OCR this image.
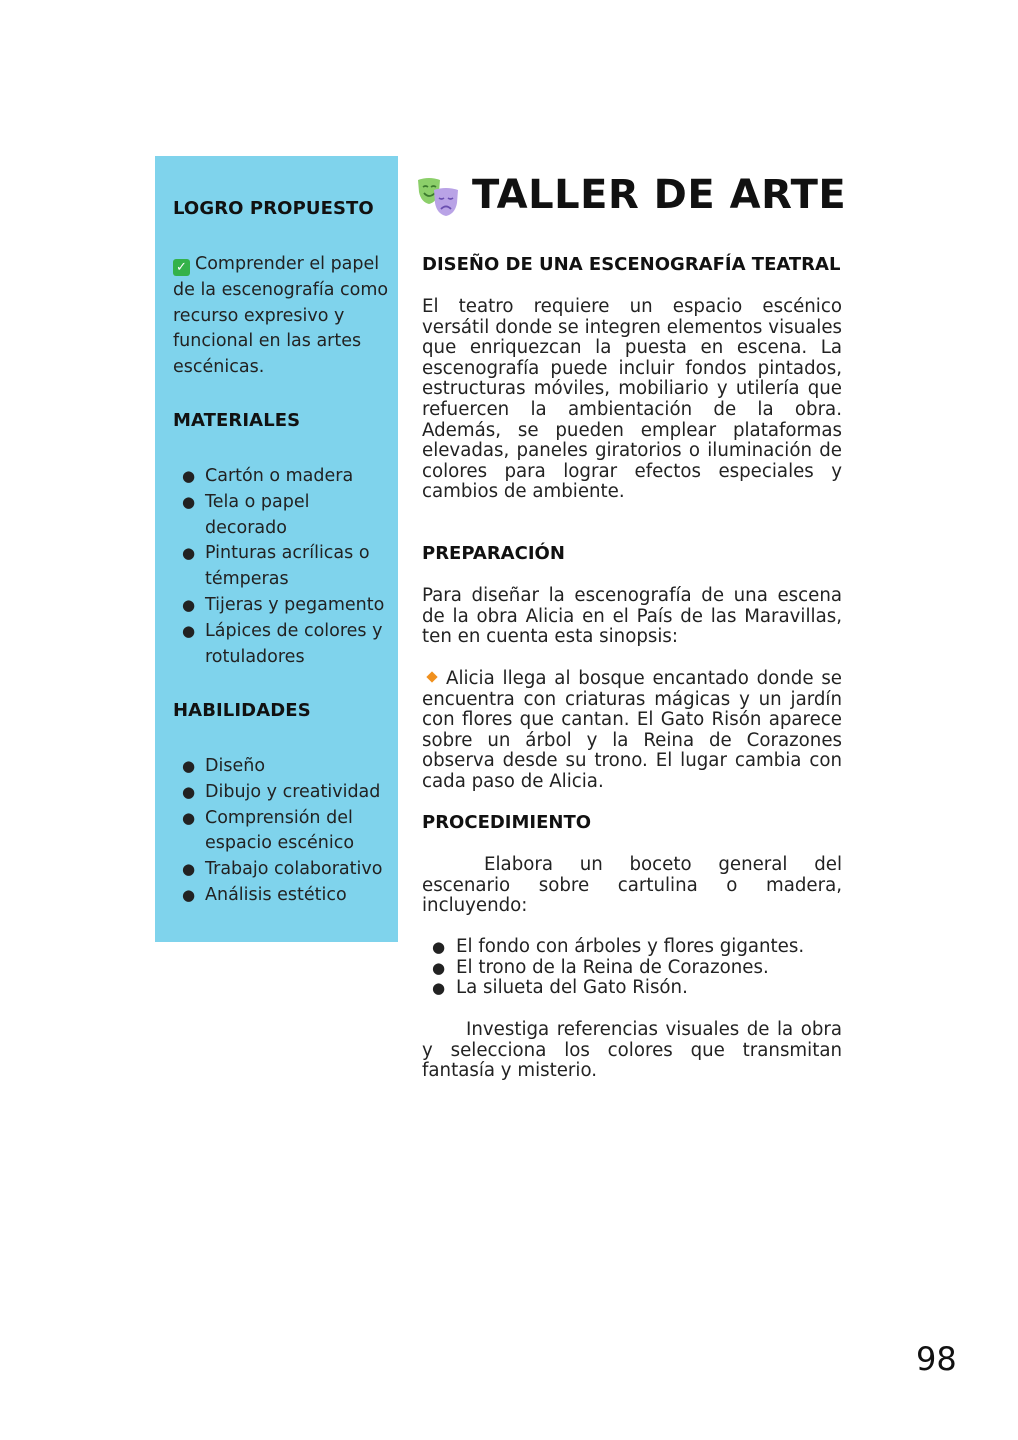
LOGRO PROPUESTO
✓ Comprender el papel de la escenografía como recurso expresivo y funcional en las artes escénicas.
MATERIALES
● Cartón o madera
● Tela o papel decorado
● Pinturas acrílicas o témperas
● Tijeras y pegamento
● Lápices de colores y rotuladores
HABILIDADES
● Diseño
● Dibujo y creatividad
● Comprensión del espacio escénico
● Trabajo colaborativo
● Análisis estético
TALLER DE ARTE
DISEÑO DE UNA ESCENOGRAFÍA TEATRAL
El teatro requiere un espacio escénico versátil donde se integren elementos visuales que enriquezcan la puesta en escena. La escenografía puede incluir fondos pintados, estructuras móviles, mobiliario y utilería que refuercen la ambientación de la obra. Además, se pueden emplear plataformas elevadas, paneles giratorios o iluminación de colores para lograr efectos especiales y cambios de ambiente.
PREPARACIÓN
Para diseñar la escenografía de una escena de la obra Alicia en el País de las Maravillas, ten en cuenta esta sinopsis:
Alicia llega al bosque encantado donde se encuentra con criaturas mágicas y un jardín con flores que cantan. El Gato Risón aparece sobre un árbol y la Reina de Corazones observa desde su trono. El lugar cambia con cada paso de Alicia.
PROCEDIMIENTO
Elabora un boceto general del escenario sobre cartulina o madera, incluyendo:
● El fondo con árboles y flores gigantes.
● El trono de la Reina de Corazones.
● La silueta del Gato Risón.
Investiga referencias visuales de la obra y selecciona los colores que transmitan fantasía y misterio.
98
